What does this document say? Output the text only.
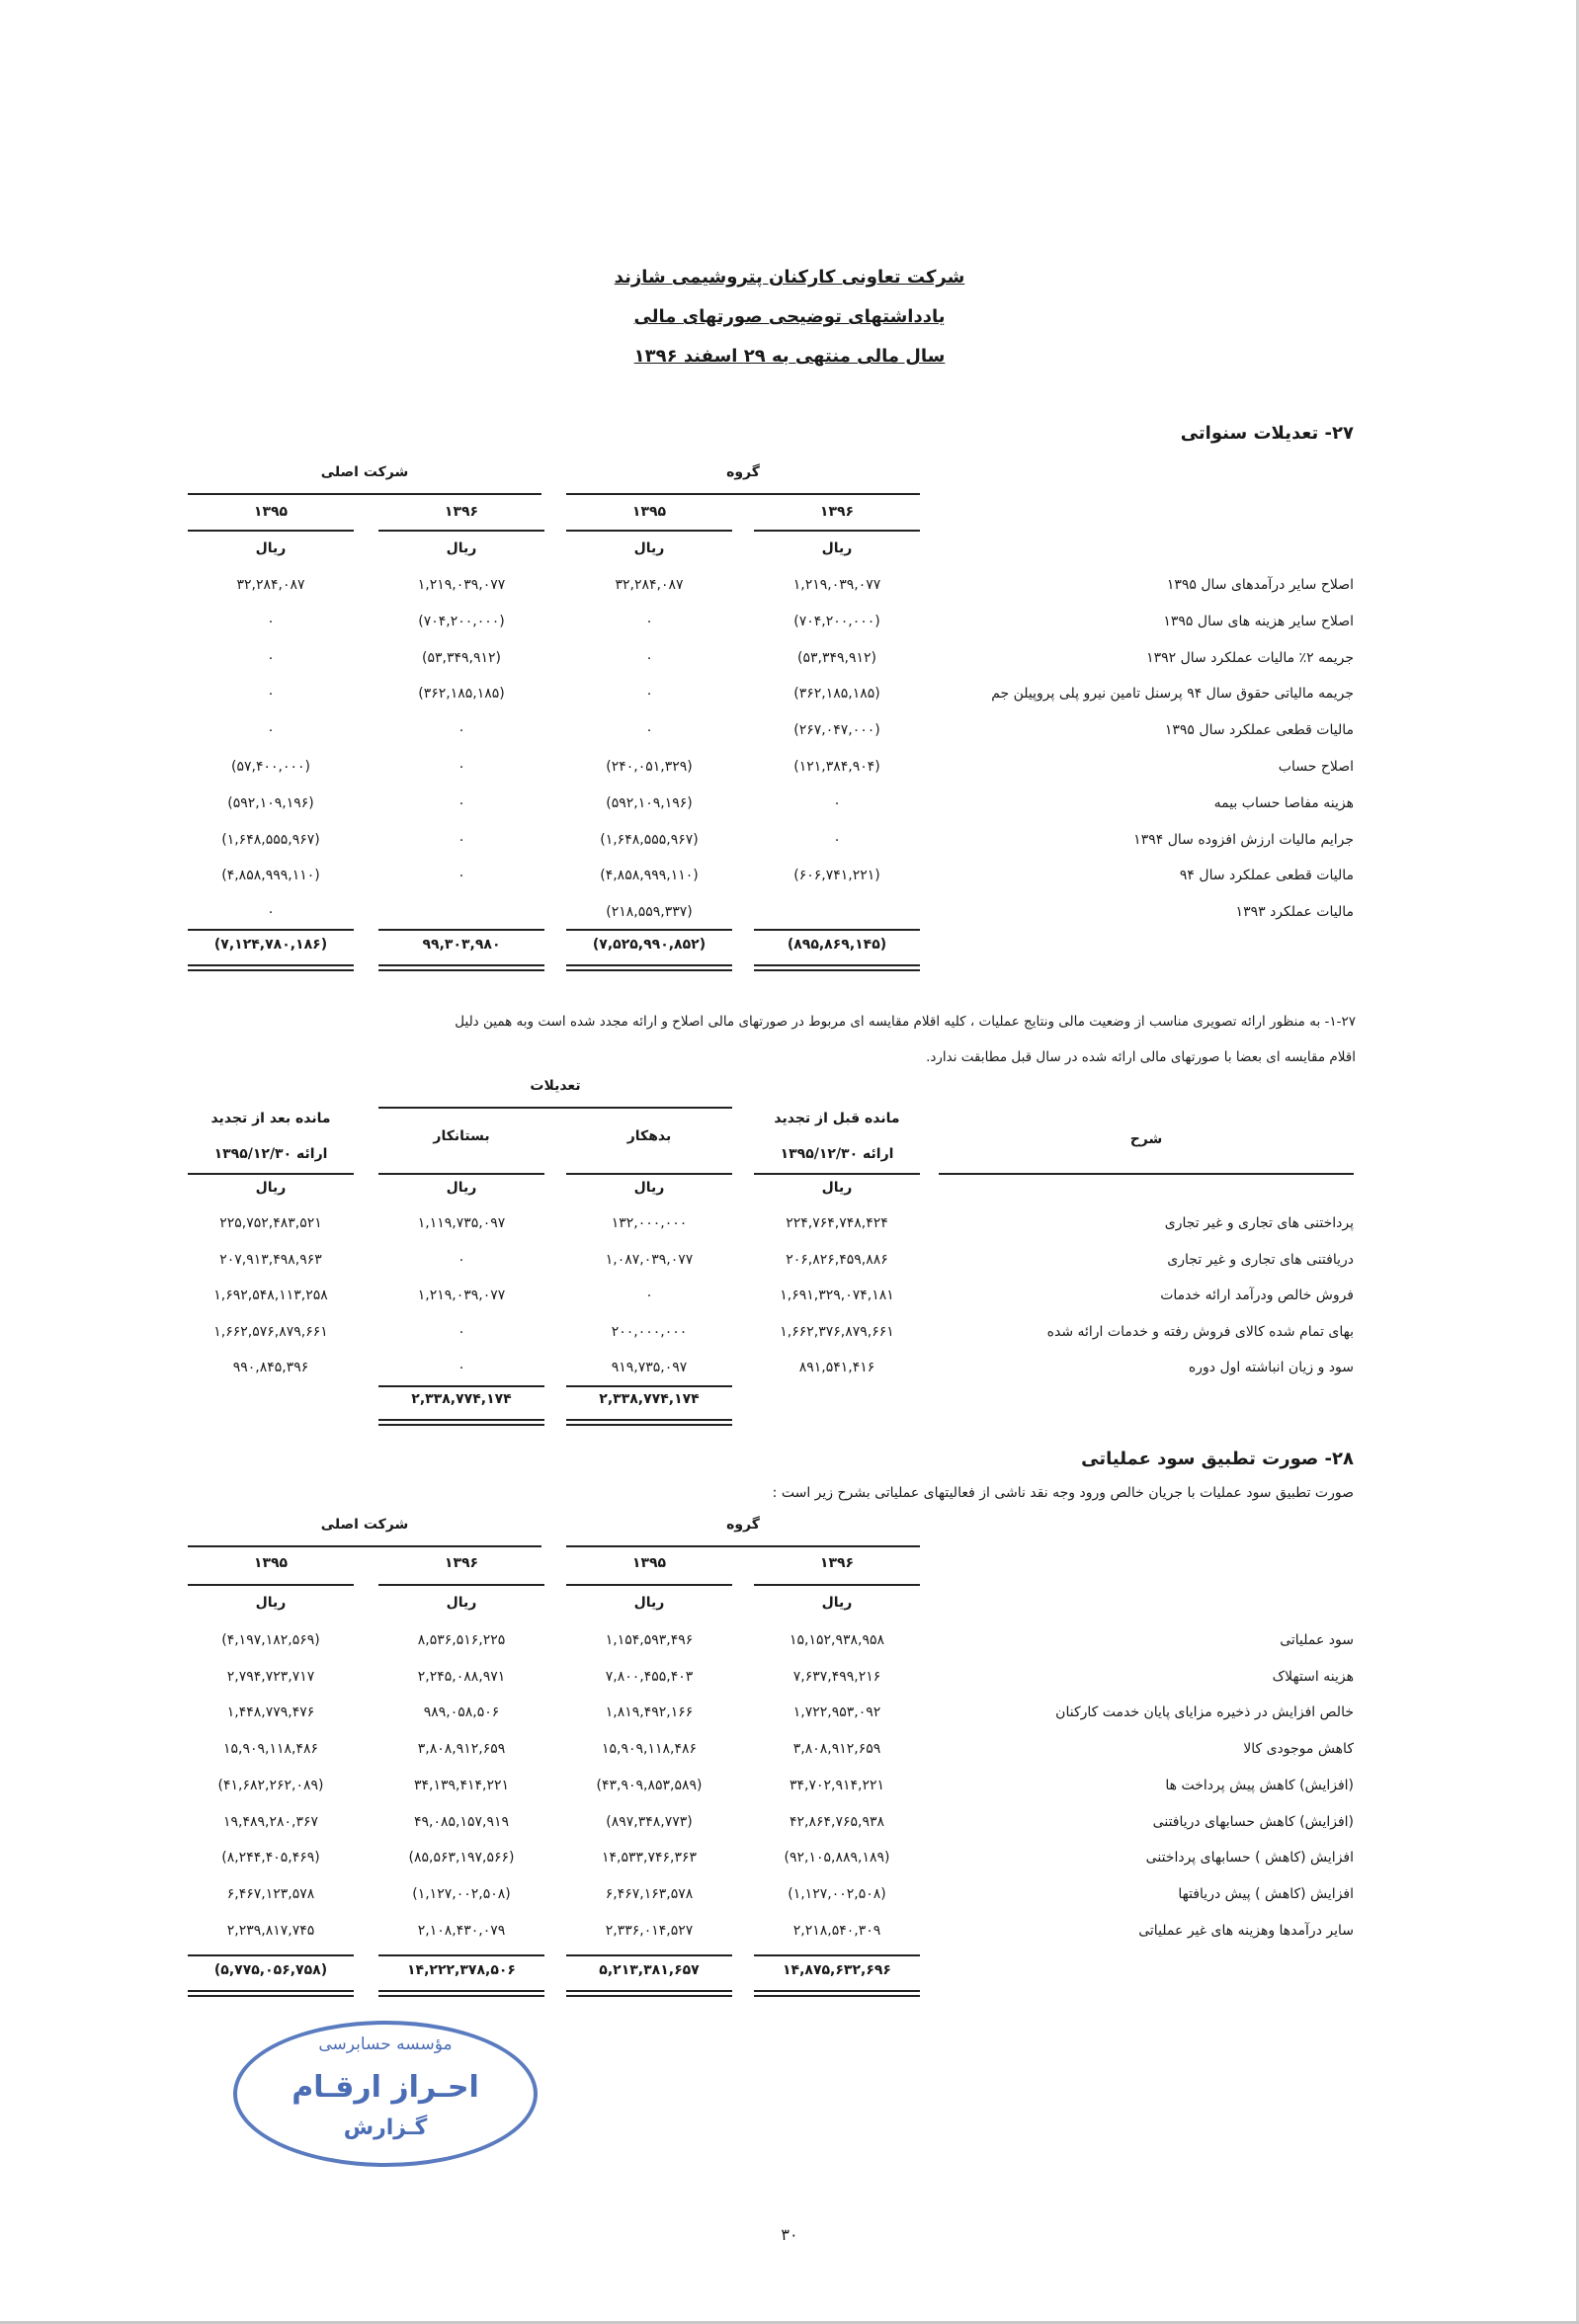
شرکت تعاونی کارکنان پتروشیمی شازند
یادداشتهای توضیحی صورتهای مالی
سال مالی منتهی به ۲۹ اسفند ۱۳۹۶
۲۷- تعدیلات سنواتی
گروه
شرکت اصلی
۱-۲۷- به منظور ارائه تصویری مناسب از وضعیت مالی ونتایج عملیات ، کلیه اقلام مقایسه ای مربوط در صورتهای مالی اصلاح و ارائه مجدد شده است وبه همین دلیل
اقلام مقایسه ای بعضا با صورتهای مالی ارائه شده در سال قبل مطابقت ندارد.
تعدیلات
مانده قبل از تجدید
ارائه ۱۳۹۵/۱۲/۳۰
بدهکار
بستانکار
مانده بعد از تجدید
ارائه ۱۳۹۵/۱۲/۳۰
شرح
۲۸- صورت تطبیق سود عملیاتی
صورت تطبیق سود عملیات با جریان خالص ورود وجه نقد ناشی از فعالیتهای عملیاتی بشرح زیر است :
گروه
شرکت اصلی
مؤسسه حسابرسی
احـراز ارقـام
گـزارش
۳۰
۱۳۹۶
ریال
۱۳۹۵
ریال
۱۳۹۶
ریال
۱۳۹۵
ریال
اصلاح سایر درآمدهای سال ۱۳۹۵
۱,۲۱۹,۰۳۹,۰۷۷
۳۲,۲۸۴,۰۸۷
۱,۲۱۹,۰۳۹,۰۷۷
۳۲,۲۸۴,۰۸۷
اصلاح سایر هزینه های سال ۱۳۹۵
(۷۰۴,۲۰۰,۰۰۰)
۰
(۷۰۴,۲۰۰,۰۰۰)
۰
جریمه ۲٪ مالیات عملکرد سال ۱۳۹۲
(۵۳,۳۴۹,۹۱۲)
۰
(۵۳,۳۴۹,۹۱۲)
۰
جریمه مالیاتی حقوق سال ۹۴ پرسنل تامین نیرو پلی پروپیلن جم
(۳۶۲,۱۸۵,۱۸۵)
۰
(۳۶۲,۱۸۵,۱۸۵)
۰
مالیات قطعی عملکرد سال ۱۳۹۵
(۲۶۷,۰۴۷,۰۰۰)
۰
۰
۰
اصلاح حساب
(۱۲۱,۳۸۴,۹۰۴)
(۲۴۰,۰۵۱,۳۲۹)
۰
(۵۷,۴۰۰,۰۰۰)
هزینه مفاصا حساب بیمه
۰
(۵۹۲,۱۰۹,۱۹۶)
۰
(۵۹۲,۱۰۹,۱۹۶)
جرایم مالیات ارزش افزوده سال ۱۳۹۴
۰
(۱,۶۴۸,۵۵۵,۹۶۷)
۰
(۱,۶۴۸,۵۵۵,۹۶۷)
مالیات قطعی عملکرد سال ۹۴
(۶۰۶,۷۴۱,۲۲۱)
(۴,۸۵۸,۹۹۹,۱۱۰)
۰
(۴,۸۵۸,۹۹۹,۱۱۰)
مالیات عملکرد ۱۳۹۳
(۲۱۸,۵۵۹,۳۳۷)
۰
(۸۹۵,۸۶۹,۱۴۵)
(۷,۵۲۵,۹۹۰,۸۵۲)
۹۹,۳۰۳,۹۸۰
(۷,۱۲۴,۷۸۰,۱۸۶)
۱۳۹۶
ریال
۱۳۹۵
ریال
۱۳۹۶
ریال
۱۳۹۵
ریال
سود عملیاتی
۱۵,۱۵۲,۹۳۸,۹۵۸
۱,۱۵۴,۵۹۳,۴۹۶
۸,۵۳۶,۵۱۶,۲۲۵
(۴,۱۹۷,۱۸۲,۵۶۹)
هزینه استهلاک
۷,۶۳۷,۴۹۹,۲۱۶
۷,۸۰۰,۴۵۵,۴۰۳
۲,۲۴۵,۰۸۸,۹۷۱
۲,۷۹۴,۷۲۳,۷۱۷
خالص افزایش در ذخیره مزایای پایان خدمت کارکنان
۱,۷۲۲,۹۵۳,۰۹۲
۱,۸۱۹,۴۹۲,۱۶۶
۹۸۹,۰۵۸,۵۰۶
۱,۴۴۸,۷۷۹,۴۷۶
کاهش موجودی کالا
۳,۸۰۸,۹۱۲,۶۵۹
۱۵,۹۰۹,۱۱۸,۴۸۶
۳,۸۰۸,۹۱۲,۶۵۹
۱۵,۹۰۹,۱۱۸,۴۸۶
(افزایش) کاهش پیش پرداخت ها
۳۴,۷۰۲,۹۱۴,۲۲۱
(۴۳,۹۰۹,۸۵۳,۵۸۹)
۳۴,۱۳۹,۴۱۴,۲۲۱
(۴۱,۶۸۲,۲۶۲,۰۸۹)
(افزایش) کاهش حسابهای دریافتنی
۴۲,۸۶۴,۷۶۵,۹۳۸
(۸۹۷,۳۴۸,۷۷۳)
۴۹,۰۸۵,۱۵۷,۹۱۹
۱۹,۴۸۹,۲۸۰,۳۶۷
افزایش (کاهش ) حسابهای پرداختنی
(۹۲,۱۰۵,۸۸۹,۱۸۹)
۱۴,۵۳۳,۷۴۶,۳۶۳
(۸۵,۵۶۳,۱۹۷,۵۶۶)
(۸,۲۴۴,۴۰۵,۴۶۹)
افزایش (کاهش ) پیش دریافتها
(۱,۱۲۷,۰۰۲,۵۰۸)
۶,۴۶۷,۱۶۳,۵۷۸
(۱,۱۲۷,۰۰۲,۵۰۸)
۶,۴۶۷,۱۲۳,۵۷۸
سایر درآمدها وهزینه های غیر عملیاتی
۲,۲۱۸,۵۴۰,۳۰۹
۲,۳۳۶,۰۱۴,۵۲۷
۲,۱۰۸,۴۳۰,۰۷۹
۲,۲۳۹,۸۱۷,۷۴۵
۱۴,۸۷۵,۶۳۲,۶۹۶
۵,۲۱۳,۳۸۱,۶۵۷
۱۴,۲۲۲,۳۷۸,۵۰۶
(۵,۷۷۵,۰۵۶,۷۵۸)
ریال
ریال
ریال
ریال
پرداختنی های تجاری و غیر تجاری
۲۲۴,۷۶۴,۷۴۸,۴۲۴
۱۳۲,۰۰۰,۰۰۰
۱,۱۱۹,۷۳۵,۰۹۷
۲۲۵,۷۵۲,۴۸۳,۵۲۱
دریافتنی های تجاری و غیر تجاری
۲۰۶,۸۲۶,۴۵۹,۸۸۶
۱,۰۸۷,۰۳۹,۰۷۷
۰
۲۰۷,۹۱۳,۴۹۸,۹۶۳
فروش خالص ودرآمد ارائه خدمات
۱,۶۹۱,۳۲۹,۰۷۴,۱۸۱
۰
۱,۲۱۹,۰۳۹,۰۷۷
۱,۶۹۲,۵۴۸,۱۱۳,۲۵۸
بهای تمام شده کالای فروش رفته و خدمات ارائه شده
۱,۶۶۲,۳۷۶,۸۷۹,۶۶۱
۲۰۰,۰۰۰,۰۰۰
۰
۱,۶۶۲,۵۷۶,۸۷۹,۶۶۱
سود و زیان انباشته اول دوره
۸۹۱,۵۴۱,۴۱۶
۹۱۹,۷۳۵,۰۹۷
۰
۹۹۰,۸۴۵,۳۹۶
۲,۳۳۸,۷۷۴,۱۷۴
۲,۳۳۸,۷۷۴,۱۷۴
